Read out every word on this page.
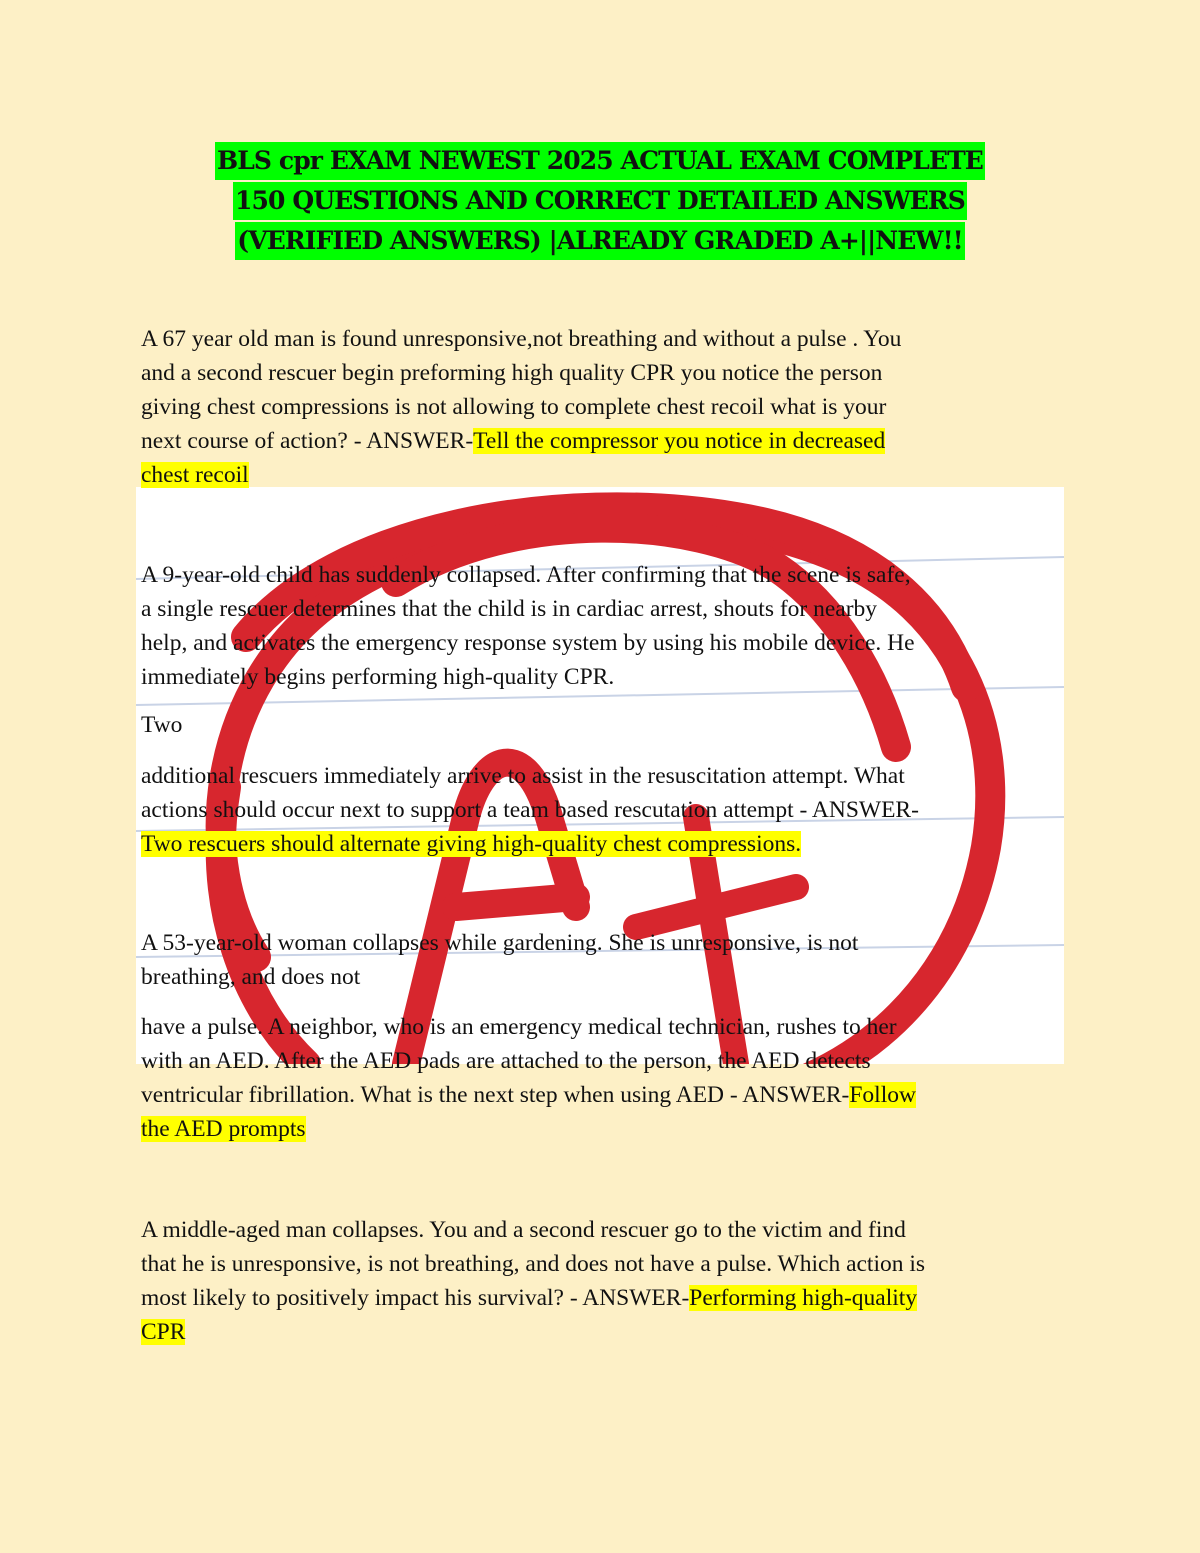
BLS cpr EXAM NEWEST 2025 ACTUAL EXAM COMPLETE
150 QUESTIONS AND CORRECT DETAILED ANSWERS
(VERIFIED ANSWERS) |ALREADY GRADED A+||NEW!!
A 67 year old man is found unresponsive,not breathing and without a pulse . You
and a second rescuer begin preforming high quality CPR you notice the person
giving chest compressions is not allowing to complete chest recoil what is your
next course of action? - ANSWER-Tell the compressor you notice in decreased
chest recoil
A 9-year-old child has suddenly collapsed. After confirming that the scene is safe,
a single rescuer determines that the child is in cardiac arrest, shouts for nearby
help, and activates the emergency response system by using his mobile device. He
immediately begins performing high-quality CPR.
Two
additional rescuers immediately arrive to assist in the resuscitation attempt. What
actions should occur next to support a team based rescutation attempt - ANSWER-
Two rescuers should alternate giving high-quality chest compressions.
A 53-year-old woman collapses while gardening. She is unresponsive, is not
breathing, and does not
have a pulse. A neighbor, who is an emergency medical technician, rushes to her
with an AED. After the AED pads are attached to the person, the AED detects
ventricular fibrillation. What is the next step when using AED - ANSWER-Follow
the AED prompts
A middle-aged man collapses. You and a second rescuer go to the victim and find
that he is unresponsive, is not breathing, and does not have a pulse. Which action is
most likely to positively impact his survival? - ANSWER-Performing high-quality
CPR
